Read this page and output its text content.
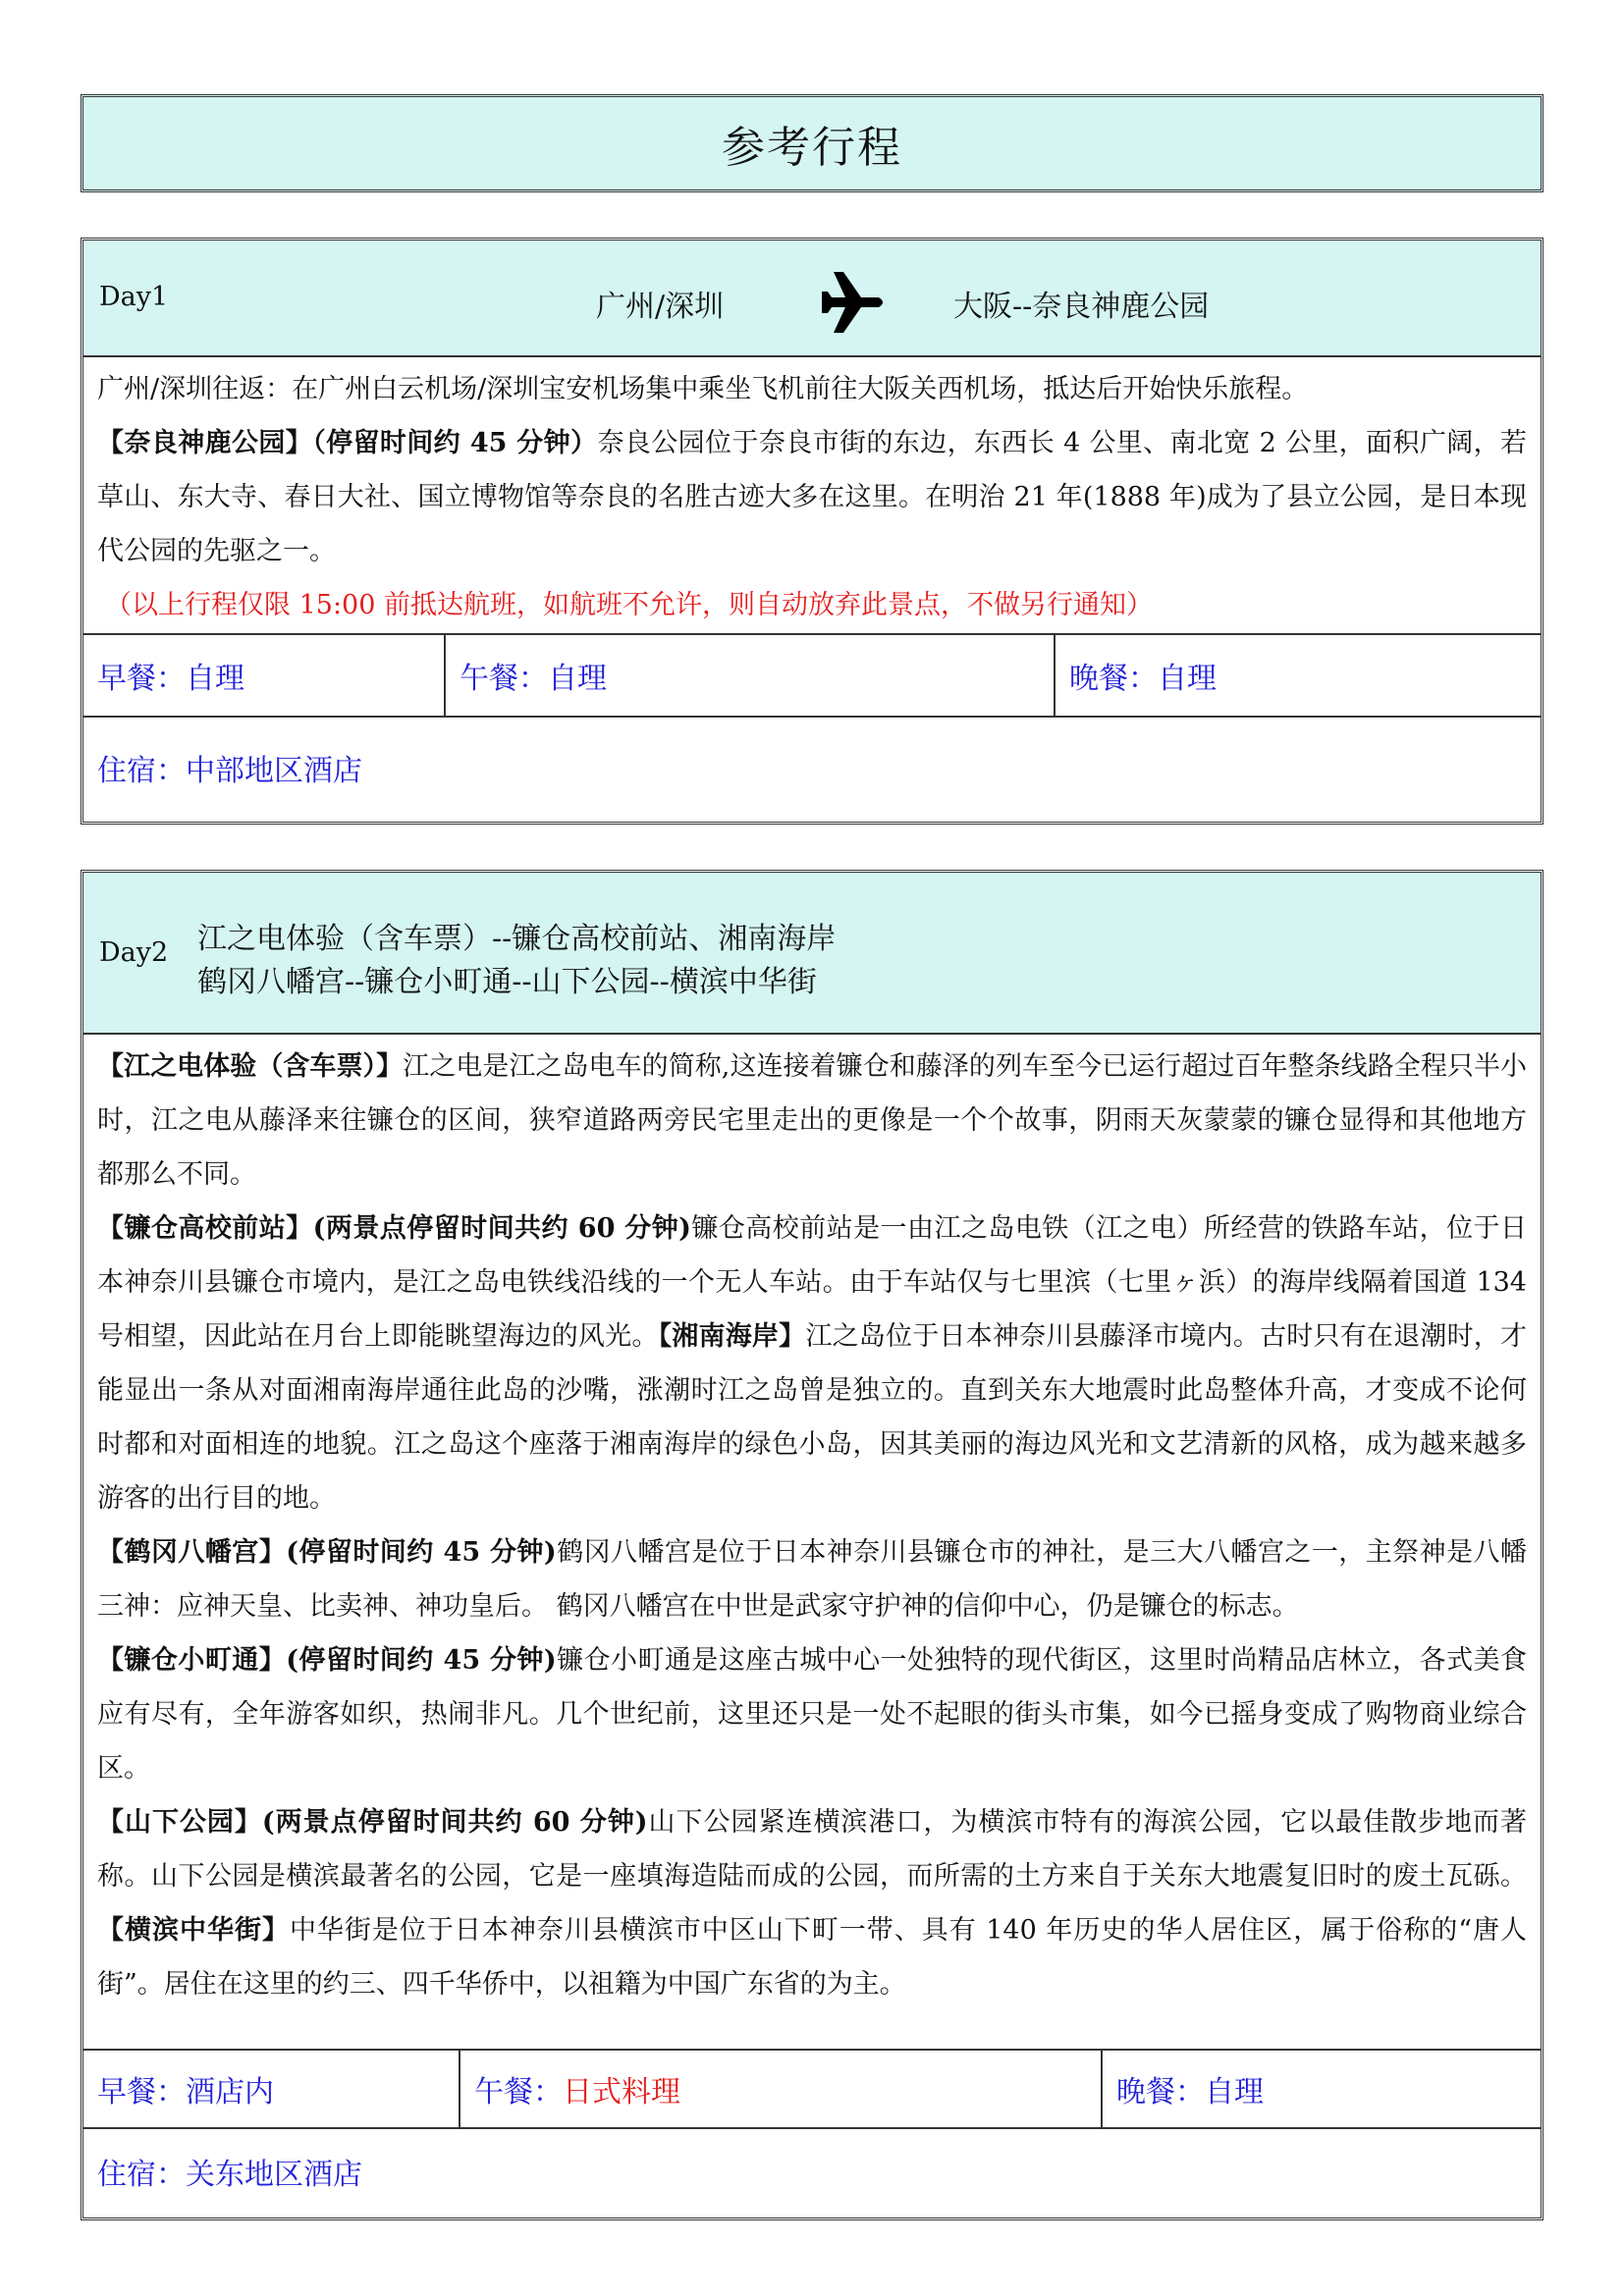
参考行程
Day1	广州/深圳	大阪--奈良神鹿公园

广州/深圳往返：在广州白云机场/深圳宝安机场集中乘坐飞机前往大阪关西机场，抵达后开始快乐旅程。

【奈良神鹿公园】（停留时间约 45 分钟）奈良公园位于奈良市街的东边，东西长 4 公里、南北宽 2 公里，面积广阔，若草山、东大寺、春日大社、国立博物馆等奈良的名胜古迹大多在这里。在明治 21 年(1888 年)成为了县立公园，是日本现代公园的先驱之一。

（以上行程仅限 15:00 前抵达航班，如航班不允许，则自动放弃此景点，不做另行通知）

早餐： 自理	午餐： 自理	晚餐： 自理
住宿： 中部地区酒店
Day2 江之电体验（含车票）--镰仓高校前站、湘南海岸
鹤冈八幡宫--镰仓小町通--山下公园--横滨中华街

【江之电体验（含车票）】江之电是江之岛电车的简称,这连接着镰仓和藤泽的列车至今已运行超过百年整条线路全程只半小时，江之电从藤泽来往镰仓的区间，狭窄道路两旁民宅里走出的更像是一个个故事，阴雨天灰蒙蒙的镰仓显得和其他地方都那么不同。

【镰仓高校前站】(两景点停留时间共约 60 分钟)镰仓高校前站是一由江之岛电铁（江之电）所经营的铁路车站，位于日本神奈川县镰仓市境内，是江之岛电铁线沿线的一个无人车站。由于车站仅与七里滨（七里ヶ浜）的海岸线隔着国道 134 号相望，因此站在月台上即能眺望海边的风光。【湘南海岸】江之岛位于日本神奈川县藤泽市境内。古时只有在退潮时，才能显出一条从对面湘南海岸通往此岛的沙嘴，涨潮时江之岛曾是独立的。直到关东大地震时此岛整体升高，才变成不论何时都和对面相连的地貌。江之岛这个座落于湘南海岸的绿色小岛，因其美丽的海边风光和文艺清新的风格，成为越来越多游客的出行目的地。

【鹤冈八幡宫】(停留时间约 45 分钟)鹤冈八幡宫是位于日本神奈川县镰仓市的神社，是三大八幡宫之一，主祭神是八幡三神：应神天皇、比卖神、神功皇后。 鹤冈八幡宫在中世是武家守护神的信仰中心，仍是镰仓的标志。

【镰仓小町通】(停留时间约 45 分钟)镰仓小町通是这座古城中心一处独特的现代街区，这里时尚精品店林立，各式美食应有尽有，全年游客如织，热闹非凡。几个世纪前，这里还只是一处不起眼的街头市集，如今已摇身变成了购物商业综合区。

【山下公园】(两景点停留时间共约 60 分钟)山下公园紧连横滨港口，为横滨市特有的海滨公园，它以最佳散步地而著称。山下公园是横滨最著名的公园，它是一座填海造陆而成的公园，而所需的土方来自于关东大地震复旧时的废土瓦砾。【横滨中华街】中华街是位于日本神奈川县横滨市中区山下町一带、具有 140 年历史的华人居住区，属于俗称的“唐人街”。居住在这里的约三、四千华侨中，以祖籍为中国广东省的为主。

早餐： 酒店内	午餐： 日式料理	晚餐： 自理
住宿： 关东地区酒店
